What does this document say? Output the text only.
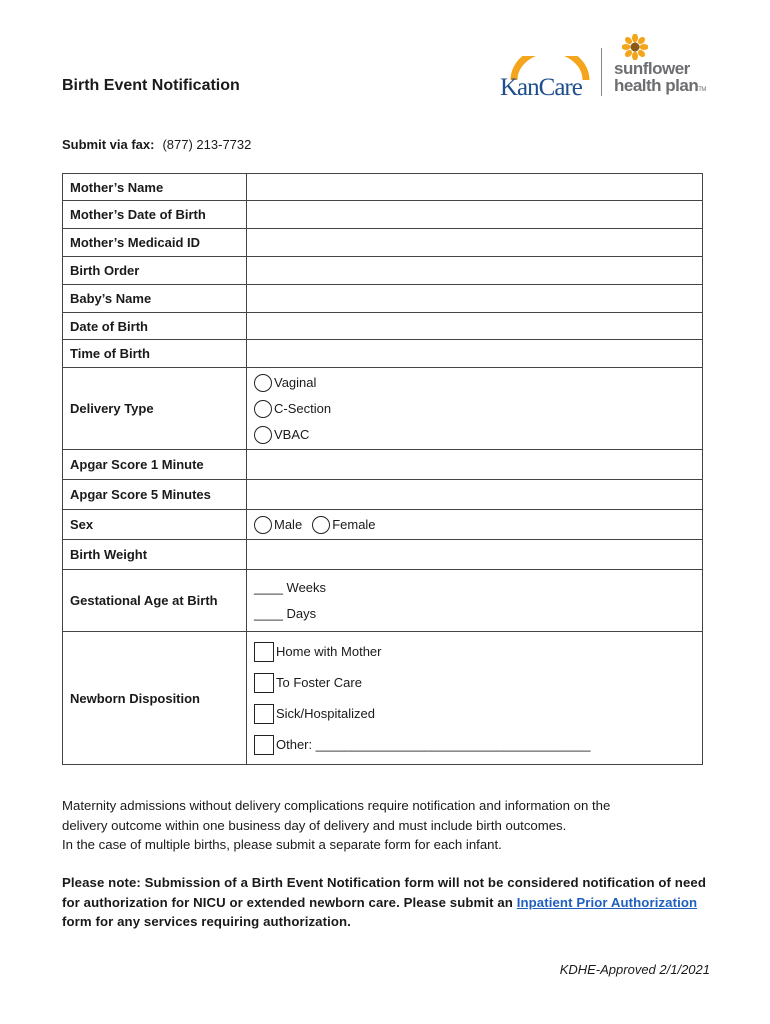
Birth Event Notification	KanCare
sunflower
health planTM
Submit via fax: (877) 213-7732
Mother’s Name	
Mother’s Date of Birth	
Mother’s Medicaid ID	
Birth Order	
Baby’s Name	
Date of Birth	
Time of Birth	
Delivery Type	Vaginal
C-Section
VBAC

Apgar Score 1 Minute	
Apgar Score 5 Minutes	
Sex	Male Female

Birth Weight	
Gestational Age at Birth	____ Weeks
____ Days

Newborn Disposition	Home with Mother
To Foster Care
Sick/Hospitalized
Other: ______________________________________
Maternity admissions without delivery complications require notification and information on the
delivery outcome within one business day of delivery and must include birth outcomes.
In the case of multiple births, please submit a separate form for each infant.
Please note: Submission of a Birth Event Notification form will not be considered notification of need for authorization for NICU or extended newborn care. Please submit an Inpatient Prior Authorization form for any services requiring authorization.
KDHE-Approved 2/1/2021
